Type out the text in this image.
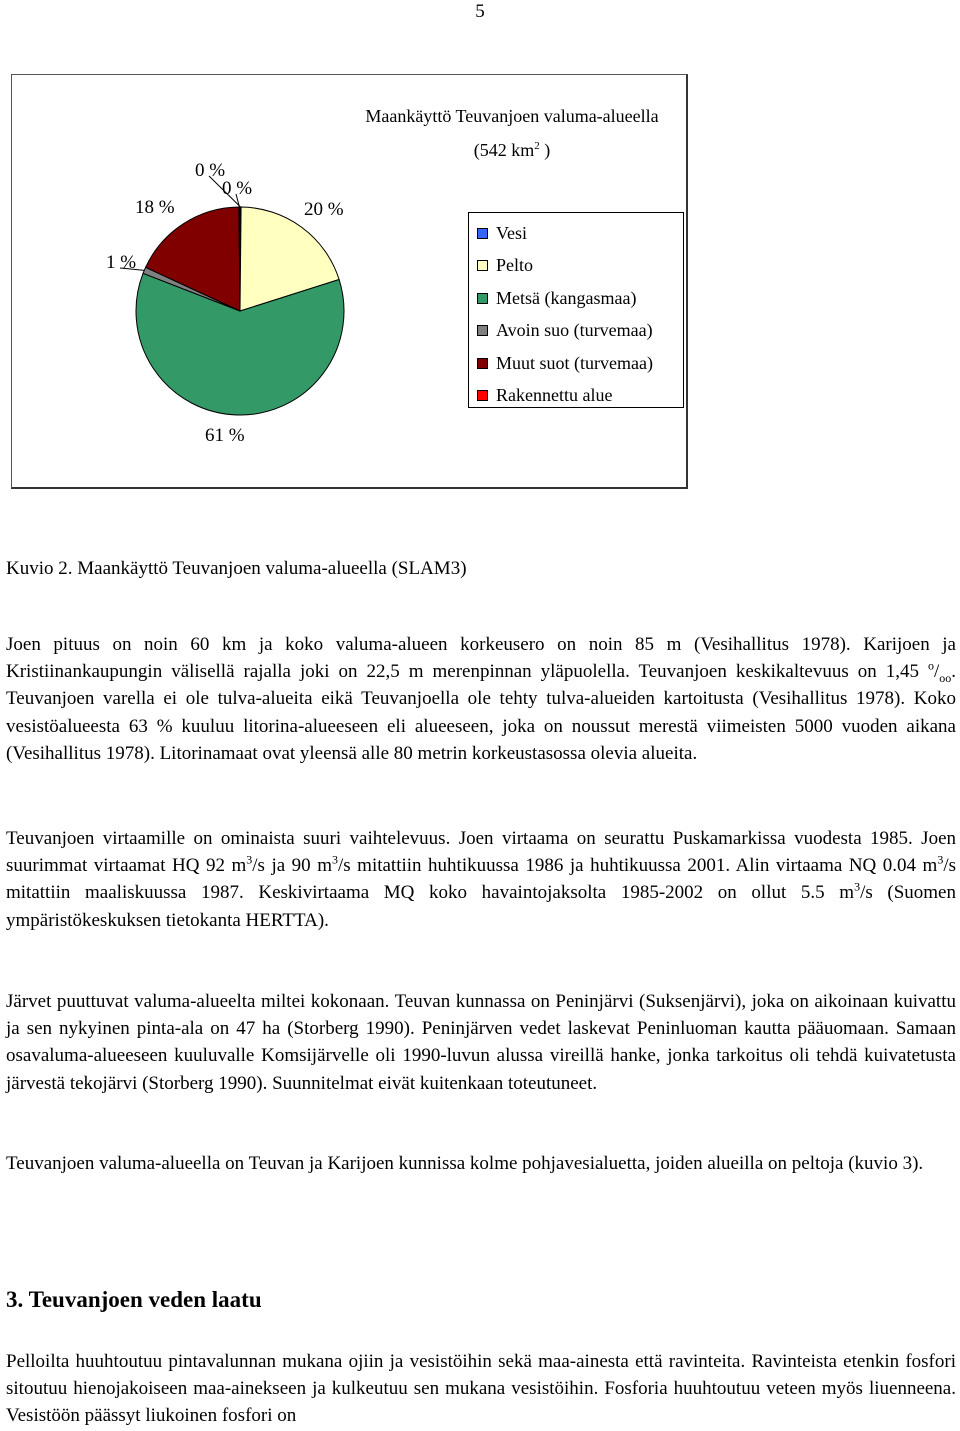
5
Maankäyttö Teuvanjoen valuma-alueella
(542 $km^2$ )
Vesi
Pelto
Metsä (kangasmaa)
Avoin suo (turvemaa)
Muut suot (turvemaa)
Rakennettu alue
0 %
20 %
61 %
1 %
18 %
0 %

Kuvio 2. Maankäyttö Teuvanjoen valuma-alueella (SLAM3)

Joen pituus on noin 60 km ja koko valuma-alueen korkeusero on noin 85 m (Vesihallitus 1978). Karijoen ja Kristiinankaupungin välisellä rajalla joki on 22,5 m merenpinnan yläpuolella. Teuvanjoen keskikaltevuus on 1,45 $^o/_{oo}$. Teuvanjoen varella ei ole tulva-alueita eikä Teuvanjoella ole tehty tulva-alueiden kartoitusta (Vesihallitus 1978). Koko vesistöalueesta 63 % kuuluu litorina-alueeseen eli alueeseen, joka on noussut merestä viimeisten 5000 vuoden aikana (Vesihallitus 1978). Litorinamaat ovat yleensä alle 80 metrin korkeustasossa olevia alueita.

Teuvanjoen virtaamille on ominaista suuri vaihtelevuus. Joen virtaama on seurattu Puskamarkissa vuodesta 1985. Joen suurimmat virtaamat HQ 92 $m^3/s$ ja 90 $m^3/s$ mitattiin huhtikuussa 1986 ja huhtikuussa 2001. Alin virtaama NQ 0.04 $m^3/s$ mitattiin maaliskuussa 1987. Keskivirtaama MQ koko havaintojaksolta 1985-2002 on ollut 5.5 $m^3/s$ (Suomen ympäristökeskuksen tietokanta HERTTA).

Järvet puuttuvat valuma-alueelta miltei kokonaan. Teuvan kunnassa on Peninjärvi (Suksenjärvi), joka on aikoinaan kuivattu ja sen nykyinen pinta-ala on 47 ha (Storberg 1990). Peninjärven vedet laskevat Peninluoman kautta pääuomaan. Samaan osavaluma-alueeseen kuuluvalle Komsijärvelle oli 1990-luvun alussa vireillä hanke, jonka tarkoitus oli tehdä kuivatetusta järvestä tekojärvi (Storberg 1990). Suunnitelmat eivät kuitenkaan toteutuneet.

Teuvanjoen valuma-alueella on Teuvan ja Karijoen kunnissa kolme pohjavesialuetta, joiden alueilla on peltoja (kuvio 3).

3. Teuvanjoen veden laatu

Pelloilta huuhtoutuu pintavalunnan mukana ojiin ja vesistöihin sekä maa-ainesta että ravinteita. Ravinteista etenkin fosfori sitoutuu hienojakoiseen maa-ainekseen ja kulkeutuu sen mukana vesistöihin. Fosforia huuhtoutuu veteen myös liuenneena. Vesistöön päässyt liukoinen fosfori on
